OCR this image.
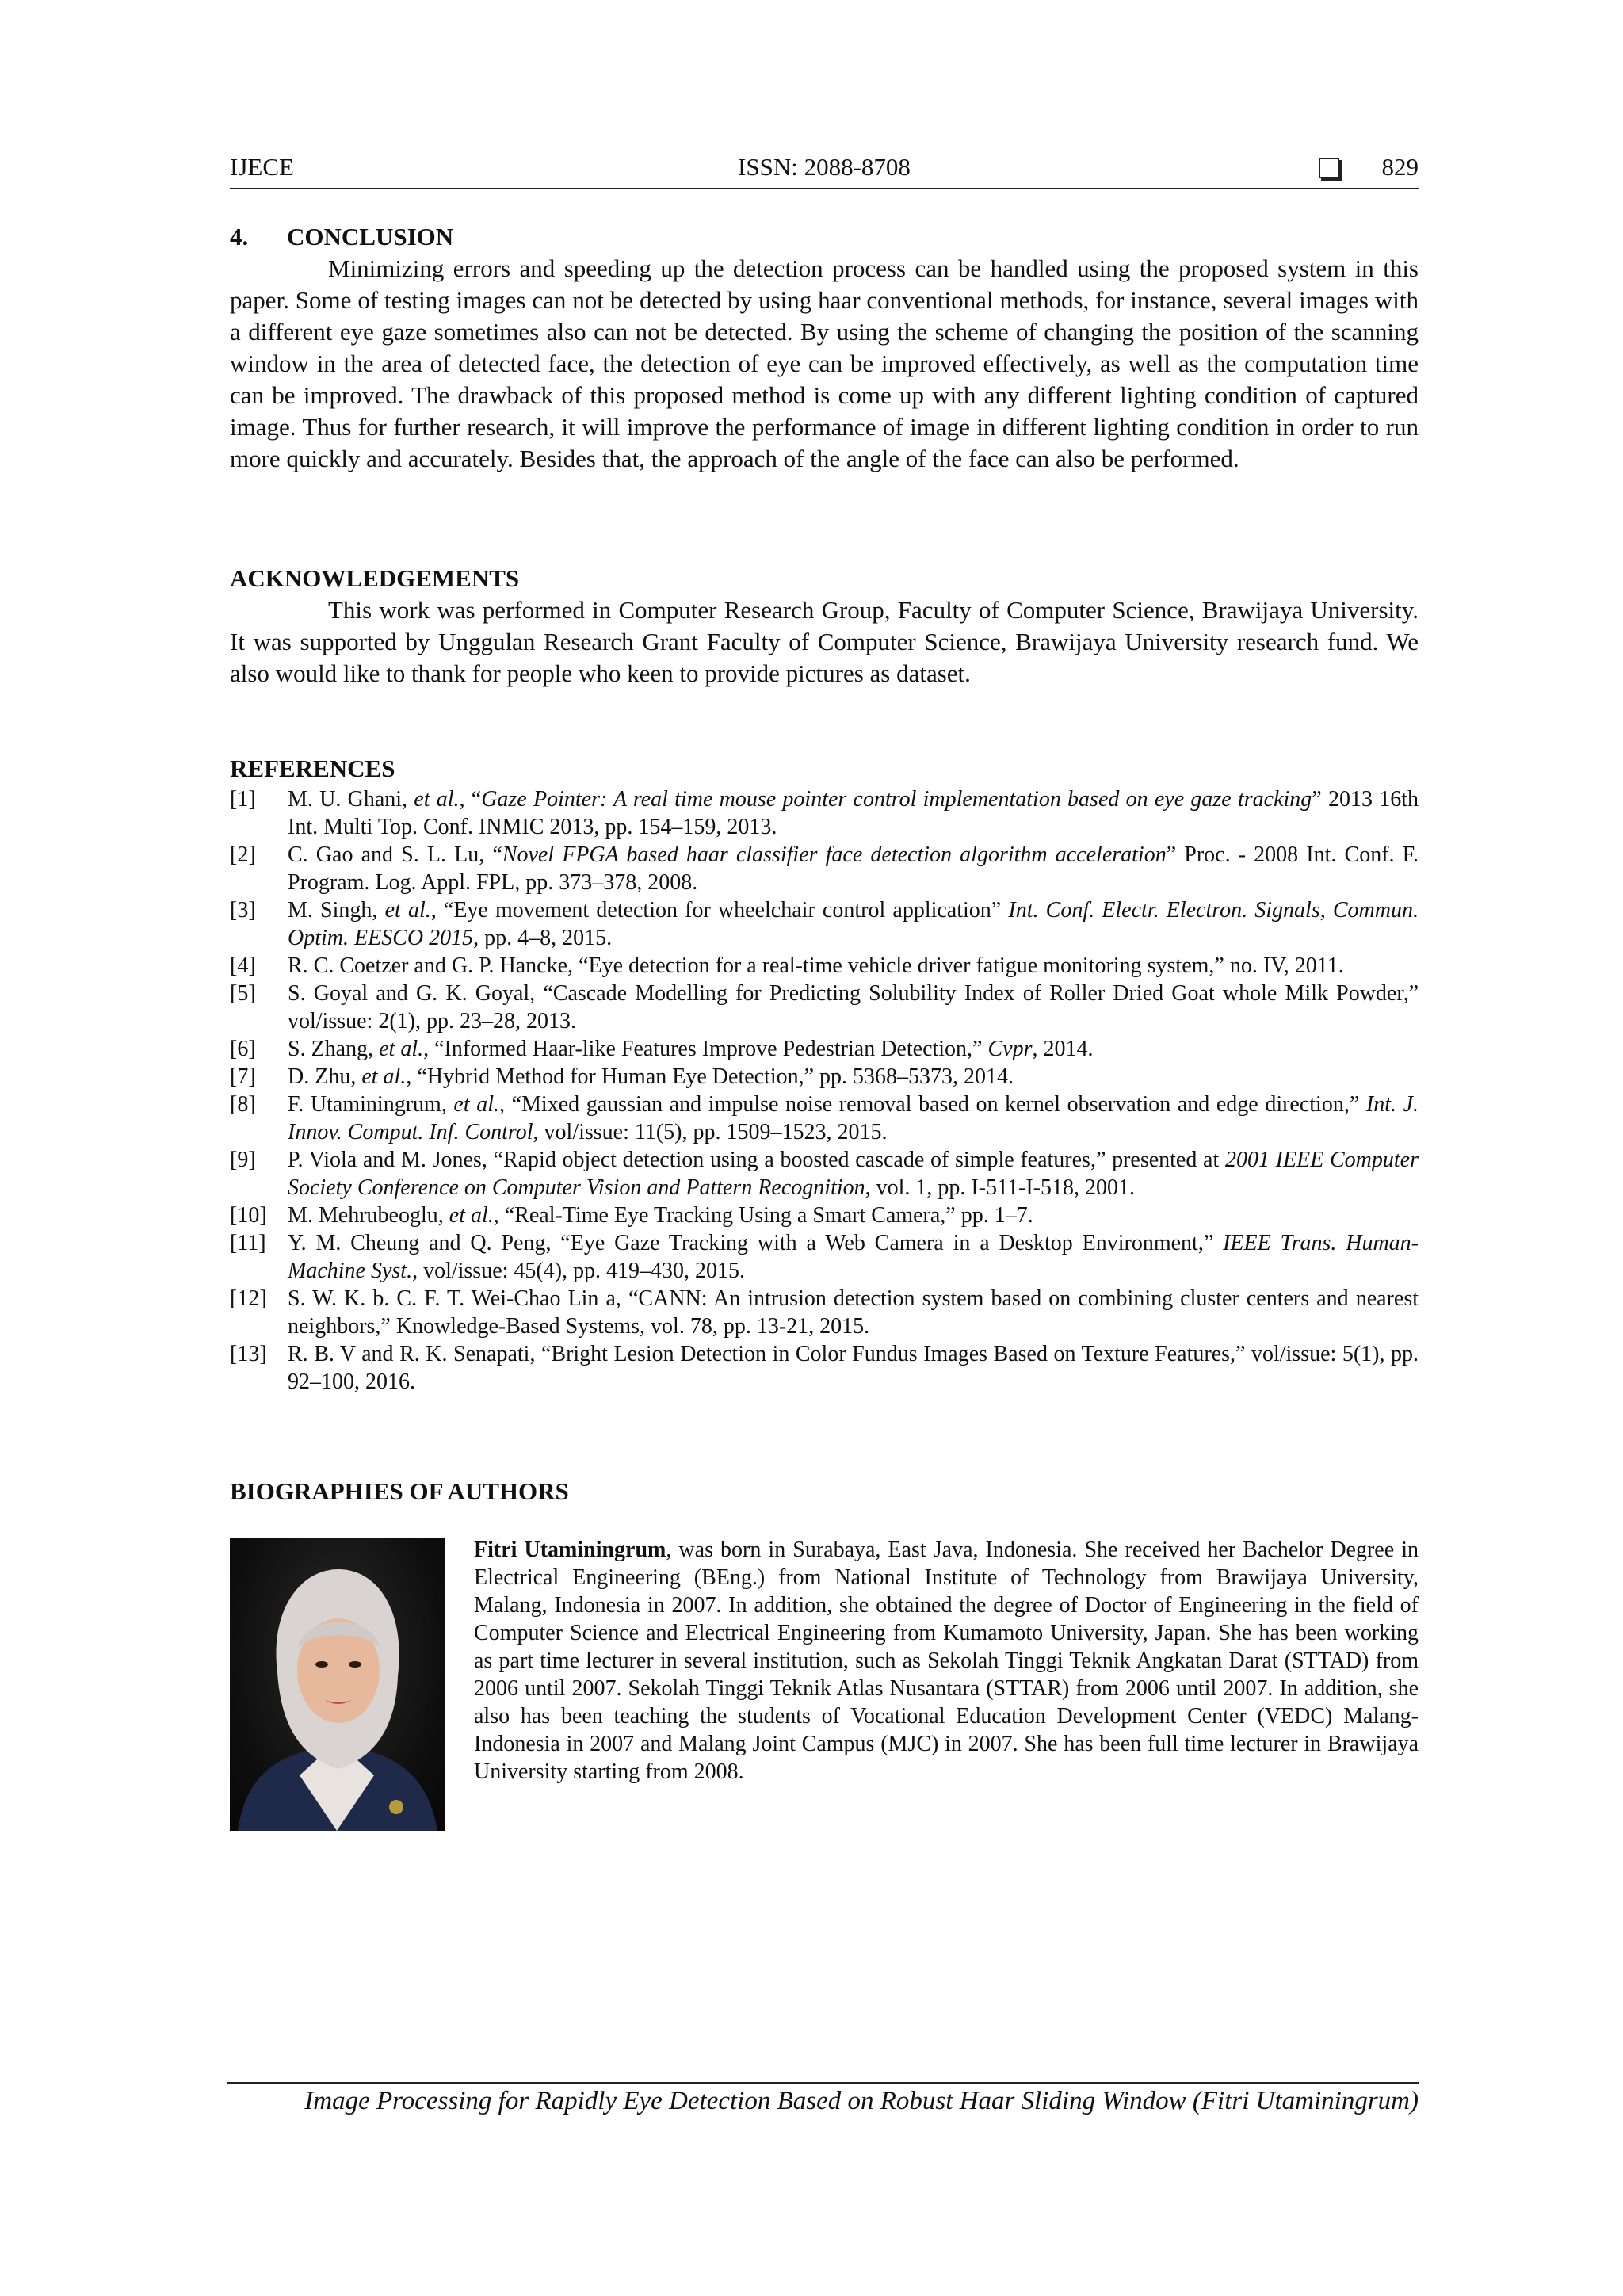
IJECE	ISSN: 2088-8708	829
4. CONCLUSION

Minimizing errors and speeding up the detection process can be handled using the proposed system in this paper. Some of testing images can not be detected by using haar conventional methods, for instance, several images with a different eye gaze sometimes also can not be detected. By using the scheme of changing the position of the scanning window in the area of detected face, the detection of eye can be improved effectively, as well as the computation time can be improved. The drawback of this proposed method is come up with any different lighting condition of captured image. Thus for further research, it will improve the performance of image in different lighting condition in order to run more quickly and accurately. Besides that, the approach of the angle of the face can also be performed.

ACKNOWLEDGEMENTS

This work was performed in Computer Research Group, Faculty of Computer Science, Brawijaya University. It was supported by Unggulan Research Grant Faculty of Computer Science, Brawijaya University research fund. We also would like to thank for people who keen to provide pictures as dataset.

REFERENCES
[1]	M. U. Ghani, et al., “Gaze Pointer: A real time mouse pointer control implementation based on eye gaze tracking” 2013 16th Int. Multi Top. Conf. INMIC 2013, pp. 154–159, 2013.
[2]	C. Gao and S. L. Lu, “Novel FPGA based haar classifier face detection algorithm acceleration” Proc. - 2008 Int. Conf. F. Program. Log. Appl. FPL, pp. 373–378, 2008.
[3]	M. Singh, et al., “Eye movement detection for wheelchair control application” Int. Conf. Electr. Electron. Signals, Commun. Optim. EESCO 2015, pp. 4–8, 2015.
[4]	R. C. Coetzer and G. P. Hancke, “Eye detection for a real-time vehicle driver fatigue monitoring system,” no. IV, 2011.
[5]	S. Goyal and G. K. Goyal, “Cascade Modelling for Predicting Solubility Index of Roller Dried Goat whole Milk Powder,” vol/issue: 2(1), pp. 23–28, 2013.
[6]	S. Zhang, et al., “Informed Haar-like Features Improve Pedestrian Detection,” Cvpr, 2014.
[7]	D. Zhu, et al., “Hybrid Method for Human Eye Detection,” pp. 5368–5373, 2014.
[8]	F. Utaminingrum, et al., “Mixed gaussian and impulse noise removal based on kernel observation and edge direction,” Int. J. Innov. Comput. Inf. Control, vol/issue: 11(5), pp. 1509–1523, 2015.
[9]	P. Viola and M. Jones, “Rapid object detection using a boosted cascade of simple features,” presented at 2001 IEEE Computer Society Conference on Computer Vision and Pattern Recognition, vol. 1, pp. I-511-I-518, 2001.
[10] M. Mehrubeoglu, et al., “Real-Time Eye Tracking Using a Smart Camera,” pp. 1–7.
[11] Y. M. Cheung and Q. Peng, “Eye Gaze Tracking with a Web Camera in a Desktop Environment,” IEEE Trans. Human-Machine Syst., vol/issue: 45(4), pp. 419–430, 2015.
[12] S. W. K. b. C. F. T. Wei-Chao Lin a, “CANN: An intrusion detection system based on combining cluster centers and nearest neighbors,” Knowledge-Based Systems, vol. 78, pp. 13-21, 2015.
[13] R. B. V and R. K. Senapati, “Bright Lesion Detection in Color Fundus Images Based on Texture Features,” vol/issue: 5(1), pp. 92–100, 2016.
BIOGRAPHIES OF AUTHORS
Fitri Utaminingrum, was born in Surabaya, East Java, Indonesia. She received her Bachelor Degree in Electrical Engineering (BEng.) from National Institute of Technology from Brawijaya University, Malang, Indonesia in 2007. In addition, she obtained the degree of Doctor of Engineering in the field of Computer Science and Electrical Engineering from Kumamoto University, Japan. She has been working as part time lecturer in several institution, such as Sekolah Tinggi Teknik Angkatan Darat (STTAD) from 2006 until 2007. Sekolah Tinggi Teknik Atlas Nusantara (STTAR) from 2006 until 2007. In addition, she also has been teaching the students of Vocational Education Development Center (VEDC) Malang-Indonesia in 2007 and Malang Joint Campus (MJC) in 2007. She has been full time lecturer in Brawijaya University starting from 2008.
Image Processing for Rapidly Eye Detection Based on Robust Haar Sliding Window (Fitri Utaminingrum)
